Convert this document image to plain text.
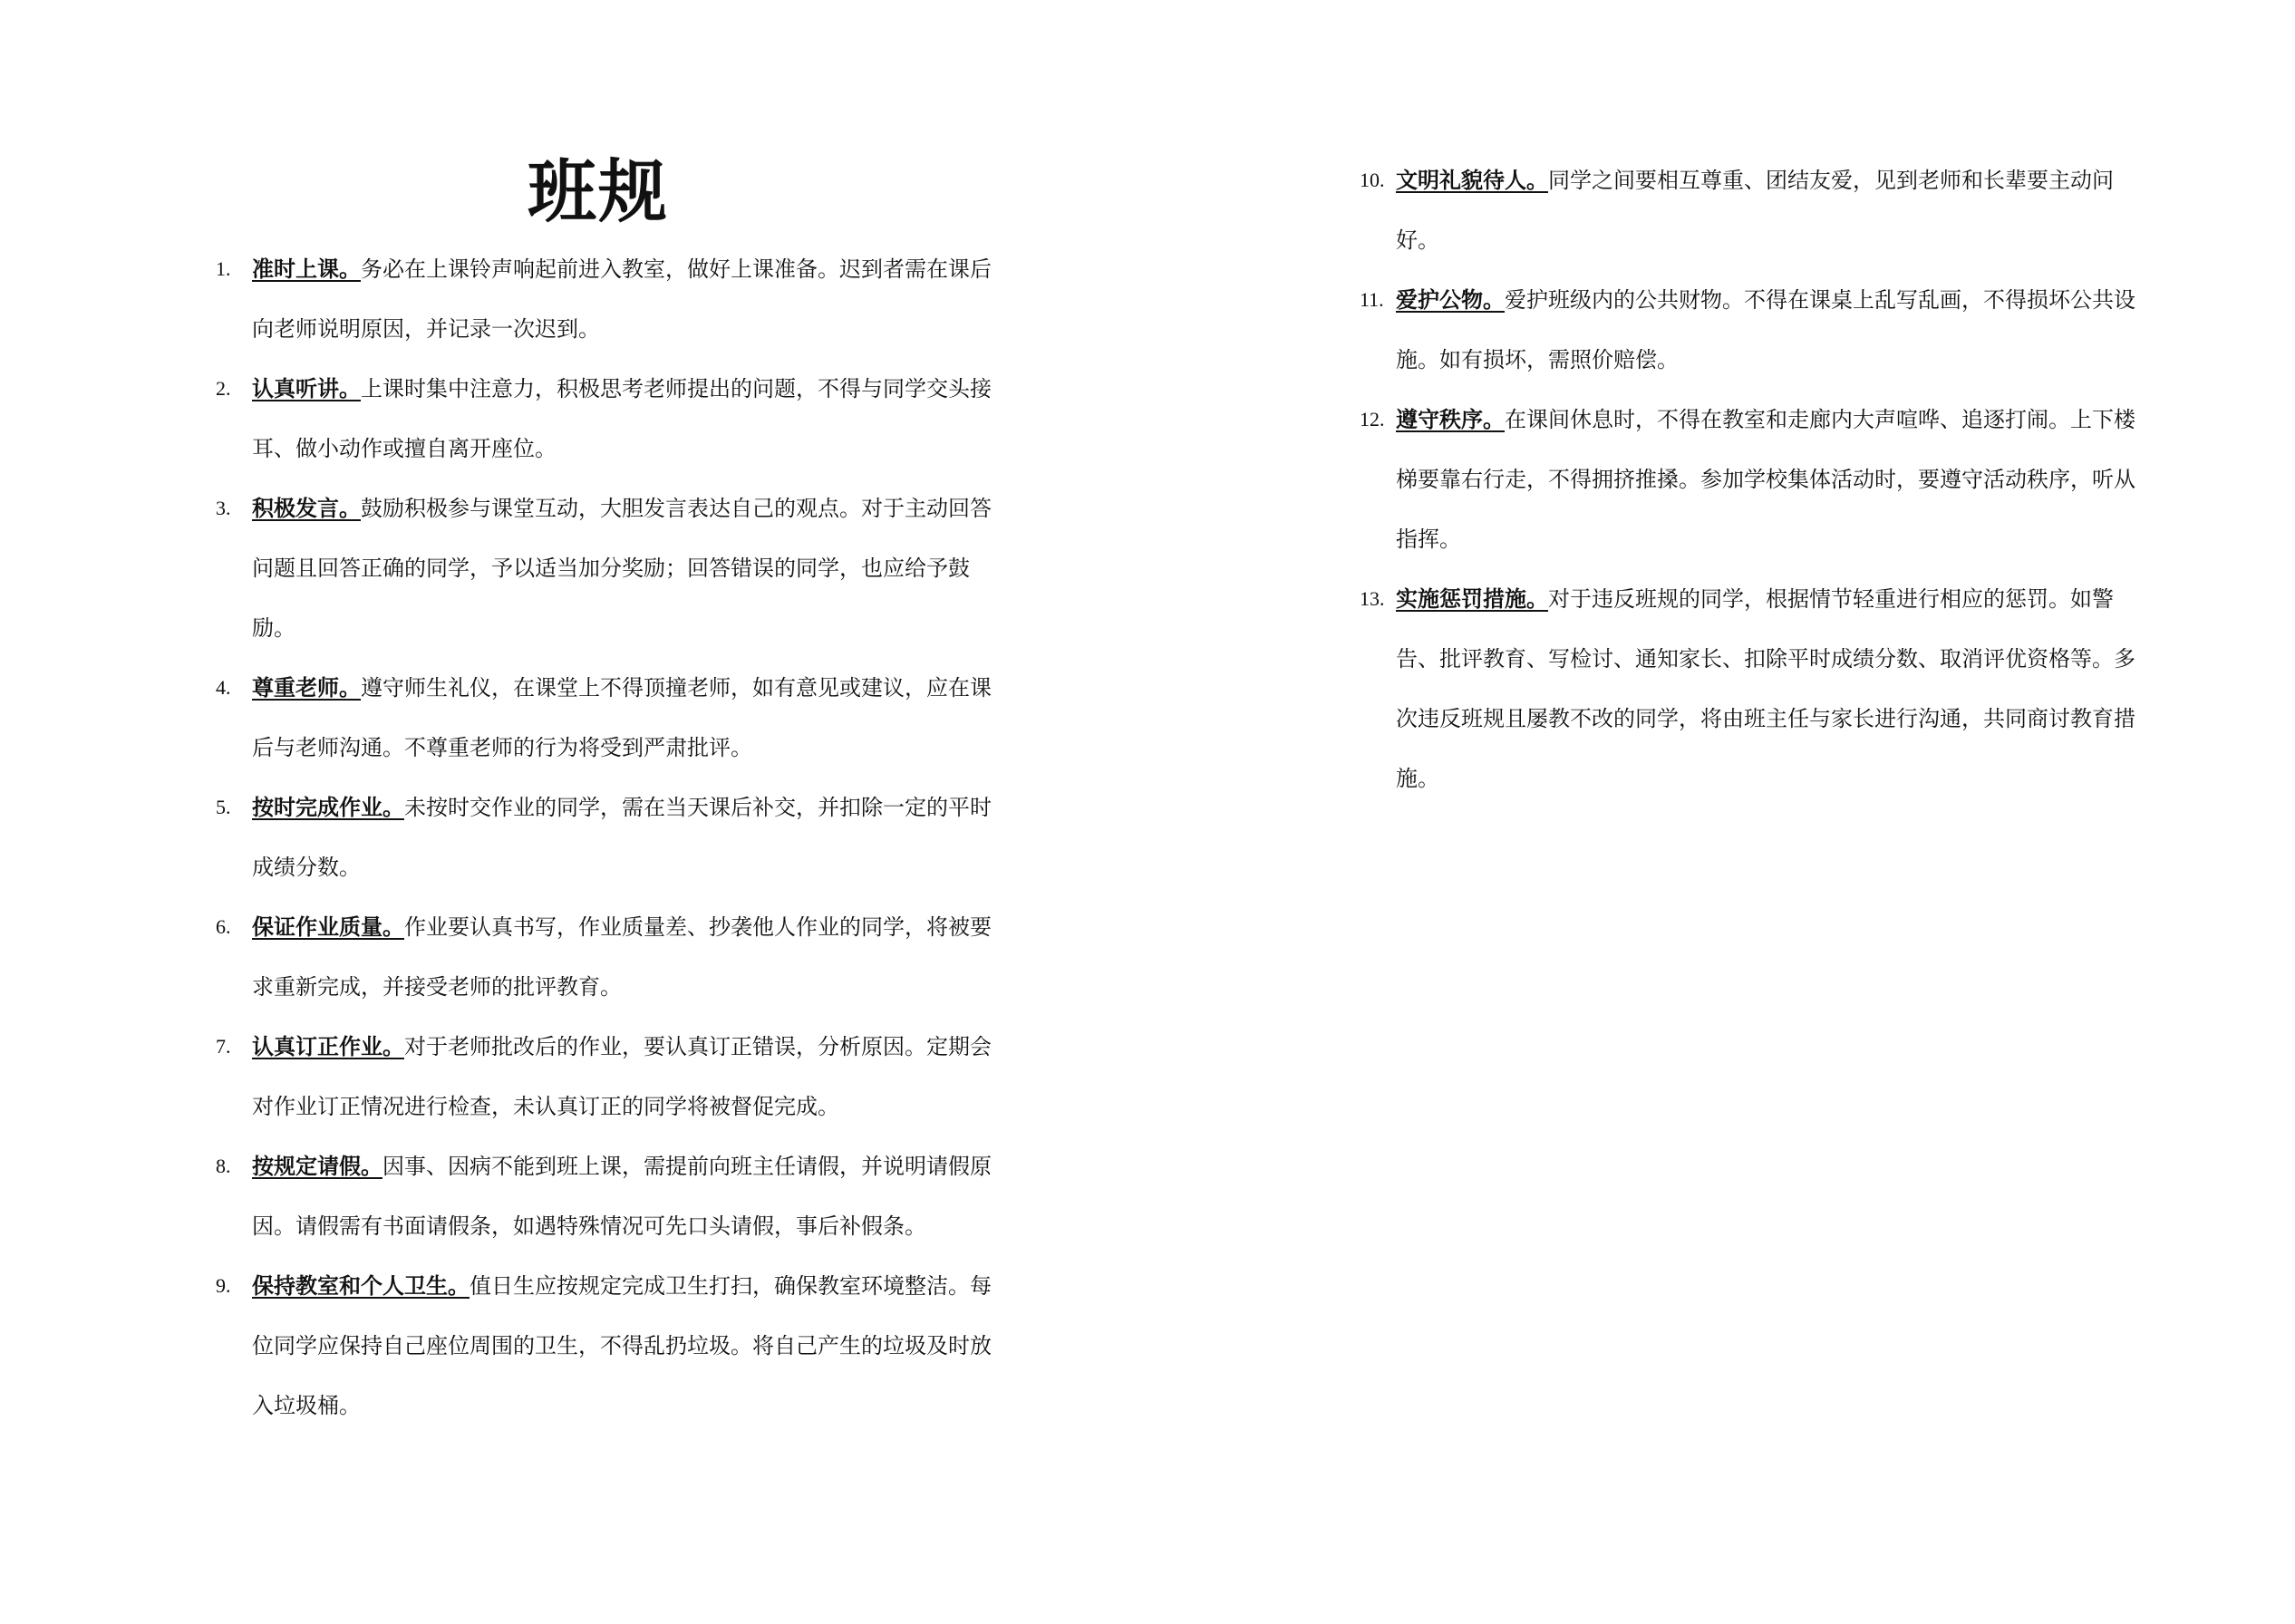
班规
1. 准时上课。务必在上课铃声响起前进入教室，做好上课准备。迟到者需在课后向老师说明原因，并记录一次迟到。
2. 认真听讲。上课时集中注意力，积极思考老师提出的问题，不得与同学交头接耳、做小动作或擅自离开座位。
3. 积极发言。鼓励积极参与课堂互动，大胆发言表达自己的观点。对于主动回答问题且回答正确的同学，予以适当加分奖励；回答错误的同学，也应给予鼓励。
4. 尊重老师。遵守师生礼仪，在课堂上不得顶撞老师，如有意见或建议，应在课后与老师沟通。不尊重老师的行为将受到严肃批评。
5. 按时完成作业。未按时交作业的同学，需在当天课后补交，并扣除一定的平时成绩分数。
6. 保证作业质量。作业要认真书写，作业质量差、抄袭他人作业的同学，将被要求重新完成，并接受老师的批评教育。
7. 认真订正作业。对于老师批改后的作业，要认真订正错误，分析原因。定期会对作业订正情况进行检查，未认真订正的同学将被督促完成。
8. 按规定请假。因事、因病不能到班上课，需提前向班主任请假，并说明请假原因。请假需有书面请假条，如遇特殊情况可先口头请假，事后补假条。
9. 保持教室和个人卫生。值日生应按规定完成卫生打扫，确保教室环境整洁。每位同学应保持自己座位周围的卫生，不得乱扔垃圾。将自己产生的垃圾及时放入垃圾桶。
10. 文明礼貌待人。同学之间要相互尊重、团结友爱，见到老师和长辈要主动问好。
11. 爱护公物。爱护班级内的公共财物。不得在课桌上乱写乱画，不得损坏公共设施。如有损坏，需照价赔偿。
12. 遵守秩序。在课间休息时，不得在教室和走廊内大声喧哗、追逐打闹。上下楼梯要靠右行走，不得拥挤推搡。参加学校集体活动时，要遵守活动秩序，听从指挥。
13. 实施惩罚措施。对于违反班规的同学，根据情节轻重进行相应的惩罚。如警告、批评教育、写检讨、通知家长、扣除平时成绩分数、取消评优资格等。多次违反班规且屡教不改的同学，将由班主任与家长进行沟通，共同商讨教育措施。
